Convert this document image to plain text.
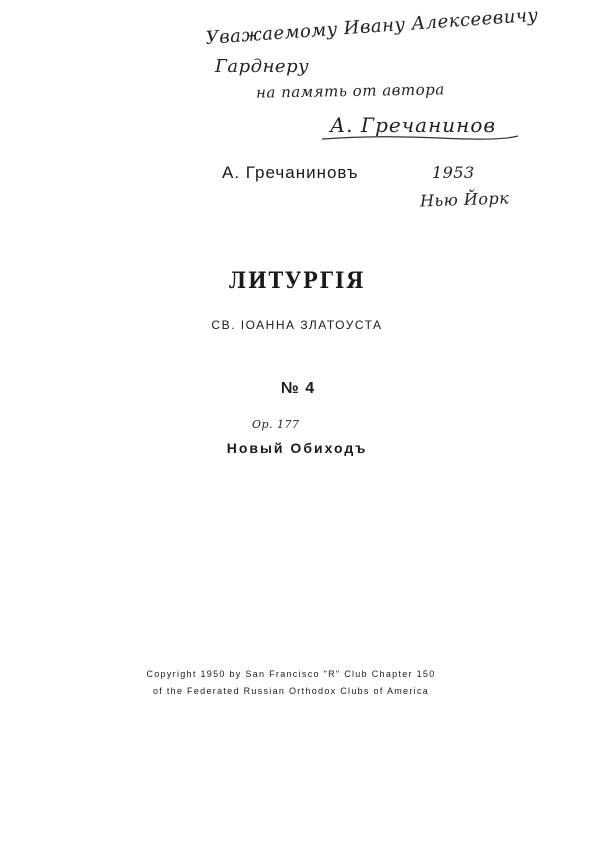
Уважаемому Ивану Алексеевичу
Гарднеру
на память от автора
А. Гречанинов
1953
Нью Йорк
А. Гречаниновъ
ЛИТУРГІЯ
СВ. ІОАННА ЗЛАТОУСТА
№ 4
Op. 177
Новый Обиходъ
Copyright 1950 by San Francisco "R" Club Chapter 150
of the Federated Russian Orthodox Clubs of America
